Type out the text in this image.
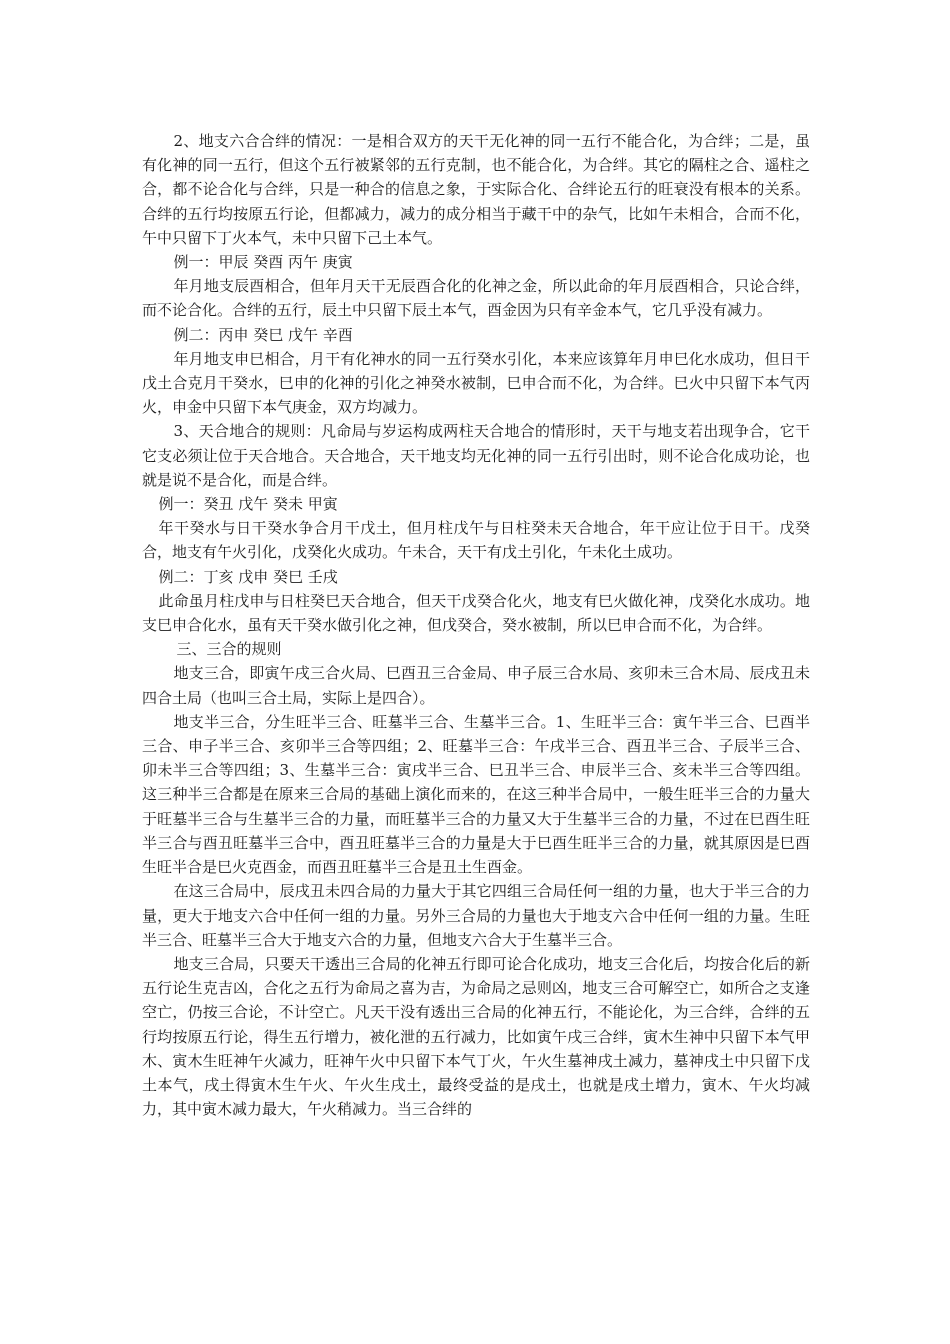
2、地支六合合绊的情况：一是相合双方的天干无化神的同一五行不能合化，为合绊；二是，虽有化神的同一五行，但这个五行被紧邻的五行克制，也不能合化，为合绊。其它的隔柱之合、遥柱之合，都不论合化与合绊，只是一种合的信息之象，于实际合化、合绊论五行的旺衰没有根本的关系。合绊的五行均按原五行论，但都减力，减力的成分相当于藏干中的杂气，比如午未相合，合而不化，午中只留下丁火本气，未中只留下己土本气。

例一：甲辰 癸酉 丙午 庚寅

年月地支辰酉相合，但年月天干无辰酉合化的化神之金，所以此命的年月辰酉相合，只论合绊，而不论合化。合绊的五行，辰土中只留下辰土本气，酉金因为只有辛金本气，它几乎没有减力。

例二：丙申 癸巳 戊午 辛酉

年月地支申巳相合，月干有化神水的同一五行癸水引化，本来应该算年月申巳化水成功，但日干戊土合克月干癸水，巳申的化神的引化之神癸水被制，巳申合而不化，为合绊。巳火中只留下本气丙火，申金中只留下本气庚金，双方均减力。

3、天合地合的规则：凡命局与岁运构成两柱天合地合的情形时，天干与地支若出现争合，它干它支必须让位于天合地合。天合地合，天干地支均无化神的同一五行引出时，则不论合化成功论，也就是说不是合化，而是合绊。

例一：癸丑 戊午 癸未 甲寅

年干癸水与日干癸水争合月干戊土，但月柱戊午与日柱癸未天合地合，年干应让位于日干。戊癸合，地支有午火引化，戊癸化火成功。午未合，天干有戊土引化，午未化土成功。

例二：丁亥 戊申 癸巳 壬戌

此命虽月柱戊申与日柱癸巳天合地合，但天干戊癸合化火，地支有巳火做化神，戊癸化水成功。地支巳申合化水，虽有天干癸水做引化之神，但戊癸合，癸水被制，所以巳申合而不化，为合绊。

三、三合的规则

地支三合，即寅午戌三合火局、巳酉丑三合金局、申子辰三合水局、亥卯未三合木局、辰戌丑未四合土局（也叫三合土局，实际上是四合）。

地支半三合，分生旺半三合、旺墓半三合、生墓半三合。1、生旺半三合：寅午半三合、巳酉半三合、申子半三合、亥卯半三合等四组；2、旺墓半三合：午戌半三合、酉丑半三合、子辰半三合、卯未半三合等四组；3、生墓半三合：寅戌半三合、巳丑半三合、申辰半三合、亥未半三合等四组。这三种半三合都是在原来三合局的基础上演化而来的，在这三种半合局中，一般生旺半三合的力量大于旺墓半三合与生墓半三合的力量，而旺墓半三合的力量又大于生墓半三合的力量，不过在巳酉生旺半三合与酉丑旺墓半三合中，酉丑旺墓半三合的力量是大于巳酉生旺半三合的力量，就其原因是巳酉生旺半合是巳火克酉金，而酉丑旺墓半三合是丑土生酉金。

在这三合局中，辰戌丑未四合局的力量大于其它四组三合局任何一组的力量，也大于半三合的力量，更大于地支六合中任何一组的力量。另外三合局的力量也大于地支六合中任何一组的力量。生旺半三合、旺墓半三合大于地支六合的力量，但地支六合大于生墓半三合。

地支三合局，只要天干透出三合局的化神五行即可论合化成功，地支三合化后，均按合化后的新五行论生克吉凶，合化之五行为命局之喜为吉，为命局之忌则凶，地支三合可解空亡，如所合之支逢空亡，仍按三合论，不计空亡。凡天干没有透出三合局的化神五行，不能论化，为三合绊，合绊的五行均按原五行论，得生五行增力，被化泄的五行减力，比如寅午戌三合绊，寅木生神中只留下本气甲木、寅木生旺神午火减力，旺神午火中只留下本气丁火，午火生墓神戌土减力，墓神戌土中只留下戊土本气，戌土得寅木生午火、午火生戌土，最终受益的是戌土，也就是戌土增力，寅木、午火均减力，其中寅木减力最大，午火稍减力。当三合绊的
